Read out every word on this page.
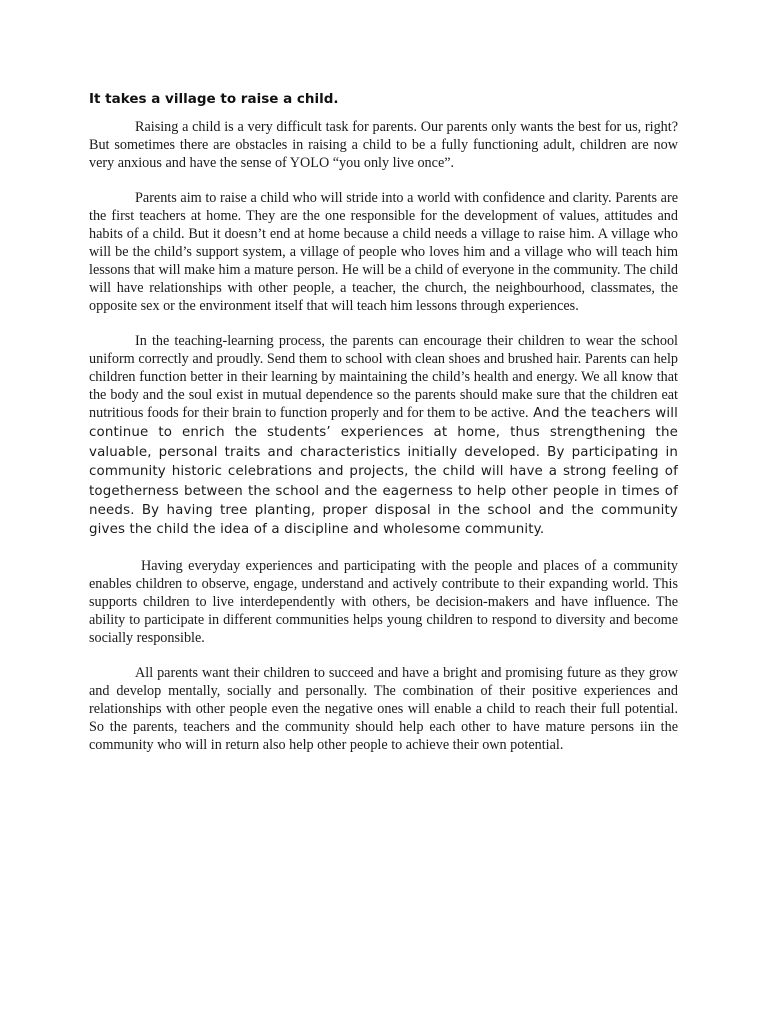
It takes a village to raise a child.

Raising a child is a very difficult task for parents. Our parents only wants the best for us, right? But sometimes there are obstacles in raising a child to be a fully functioning adult, children are now very anxious and have the sense of YOLO “you only live once”.

Parents aim to raise a child who will stride into a world with confidence and clarity. Parents are the first teachers at home. They are the one responsible for the development of values, attitudes and habits of a child. But it doesn’t end at home because a child needs a village to raise him. A village who will be the child’s support system, a village of people who loves him and a village who will teach him lessons that will make him a mature person. He will be a child of everyone in the community. The child will have relationships with other people, a teacher, the church, the neighbourhood, classmates, the opposite sex or the environment itself that will teach him lessons through experiences.

In the teaching-learning process, the parents can encourage their children to wear the school uniform correctly and proudly. Send them to school with clean shoes and brushed hair. Parents can help children function better in their learning by maintaining the child’s health and energy. We all know that the body and the soul exist in mutual dependence so the parents should make sure that the children eat nutritious foods for their brain to function properly and for them to be active. And the teachers will continue to enrich the students’ experiences at home, thus strengthening the valuable, personal traits and characteristics initially developed. By participating in community historic celebrations and projects, the child will have a strong feeling of togetherness between the school and the eagerness to help other people in times of needs. By having tree planting, proper disposal in the school and the community gives the child the idea of a discipline and wholesome community.

Having everyday experiences and participating with the people and places of a community enables children to observe, engage, understand and actively contribute to their expanding world. This supports children to live interdependently with others, be decision-makers and have influence. The ability to participate in different communities helps young children to respond to diversity and become socially responsible.

All parents want their children to succeed and have a bright and promising future as they grow and develop mentally, socially and personally. The combination of their positive experiences and relationships with other people even the negative ones will enable a child to reach their full potential. So the parents, teachers and the community should help each other to have mature persons iin the community who will in return also help other people to achieve their own potential.
